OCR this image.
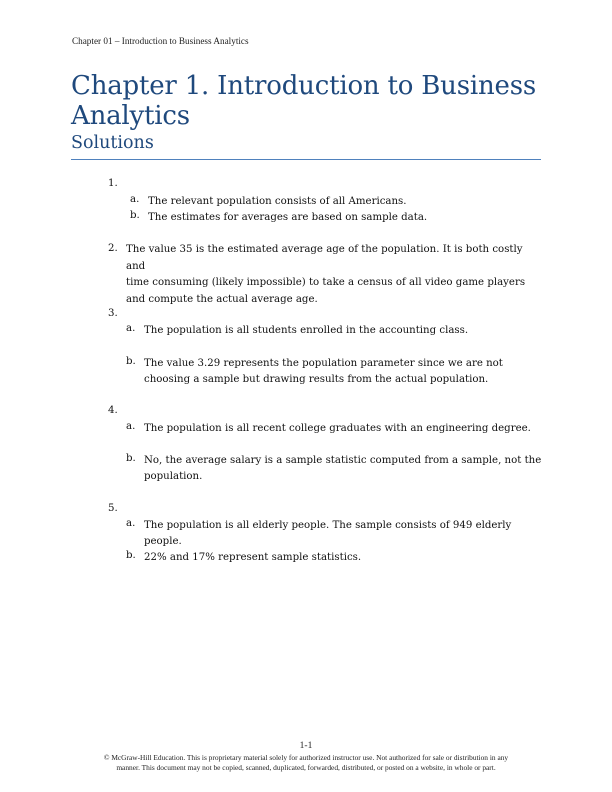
Chapter 01 – Introduction to Business Analytics
Chapter 1. Introduction to Business
Analytics
Solutions
1.
a. The relevant population consists of all Americans.
b. The estimates for averages are based on sample data.
2. The value 35 is the estimated average age of the population. It is both costly and
time consuming (likely impossible) to take a census of all video game players
and compute the actual average age.
3.
a. The population is all students enrolled in the accounting class.
b. The value 3.29 represents the population parameter since we are not
choosing a sample but drawing results from the actual population.
4.
a. The population is all recent college graduates with an engineering degree.
b. No, the average salary is a sample statistic computed from a sample, not the
population.
5.
a. The population is all elderly people. The sample consists of 949 elderly
people.
b. 22% and 17% represent sample statistics.
1-1
© McGraw-Hill Education. This is proprietary material solely for authorized instructor use. Not authorized for sale or distribution in any
manner. This document may not be copied, scanned, duplicated, forwarded, distributed, or posted on a website, in whole or part.
